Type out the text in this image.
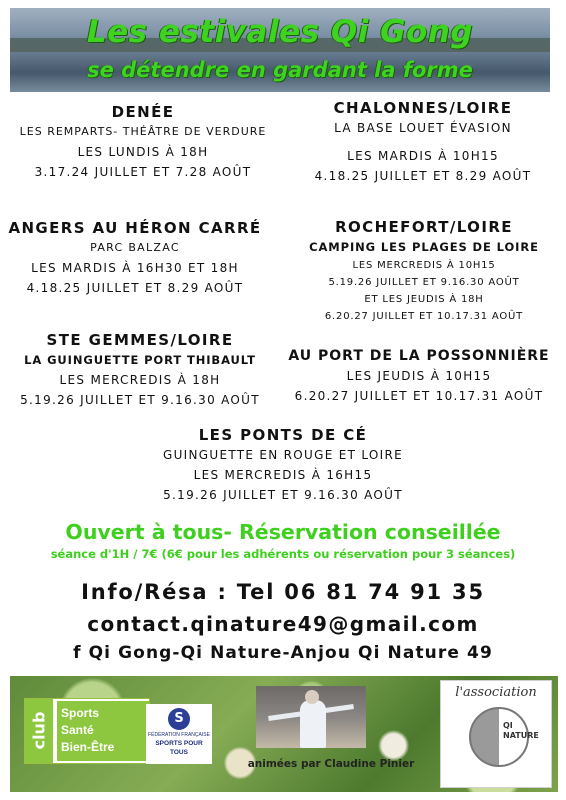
Les estivales Qi Gong
se détendre en gardant la forme
DENÉE
LES REMPARTS- THÉÂTRE DE VERDURE
LES LUNDIS À 18H
3.17.24 JUILLET ET 7.28 AOÛT
CHALONNES/LOIRE
LA BASE LOUET ÉVASION
LES MARDIS À 10H15
4.18.25 JUILLET ET 8.29 AOÛT
ANGERS AU HÉRON CARRÉ
PARC BALZAC
LES MARDIS À 16H30 ET 18H
4.18.25 JUILLET ET 8.29 AOÛT
ROCHEFORT/LOIRE
CAMPING LES PLAGES DE LOIRE
LES MERCREDIS À 10H15
5.19.26 JUILLET ET 9.16.30 AOÛT
ET LES JEUDIS À 18H
6.20.27 JUILLET ET 10.17.31 AOÛT
STE GEMMES/LOIRE
LA GUINGUETTE PORT THIBAULT
LES MERCREDIS À 18H
5.19.26 JUILLET ET 9.16.30 AOÛT
AU PORT DE LA POSSONNIÈRE
LES JEUDIS À 10H15
6.20.27 JUILLET ET 10.17.31 AOÛT
LES PONTS DE CÉ
GUINGUETTE EN ROUGE ET LOIRE
LES MERCREDIS À 16H15
5.19.26 JUILLET ET 9.16.30 AOÛT
Ouvert à tous- Réservation conseillée
séance d'1H / 7€ (6€ pour les adhérents ou réservation pour 3 séances)
Info/Résa : Tel 06 81 74 91 35
contact.qinature49@gmail.com
f Qi Gong-Qi Nature-Anjou Qi Nature 49
club Sports
Santé
Bien-Être
S
FÉDÉRATION FRANÇAISE
SPORTS POUR TOUS
animées par Claudine Pinier
l'association
QI
NATURE
